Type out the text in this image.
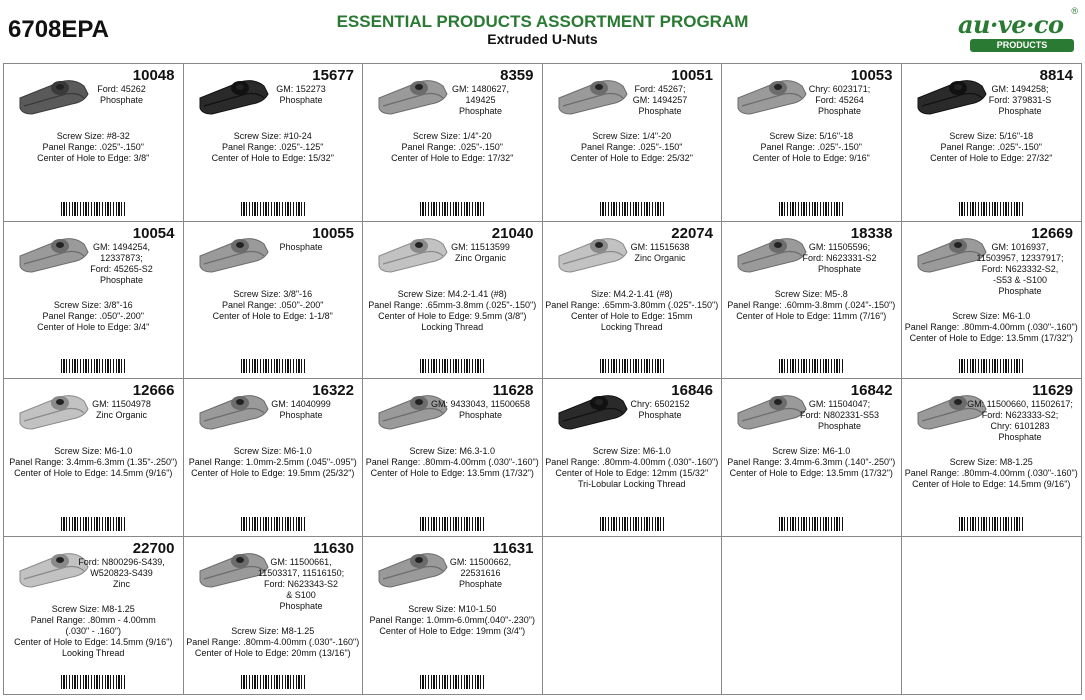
6708EPA	ESSENTIAL PRODUCTS ASSORTMENT PROGRAM
Extruded U-Nuts	au·ve·co
PRODUCTS
®
10048
Ford: 45262
Phosphate
Screw Size: #8-32
Panel Range: .025"-.150"
Center of Hole to Edge: 3/8"
15677
GM: 152273
Phosphate
Screw Size: #10-24
Panel Range: .025"-.125"
Center of Hole to Edge: 15/32"
8359
GM: 1480627,
149425
Phosphate
Screw Size: 1/4"-20
Panel Range: .025"-.150"
Center of Hole to Edge: 17/32"
10051
Ford: 45267;
GM: 1494257
Phosphate
Screw Size: 1/4"-20
Panel Range: .025"-.150"
Center of Hole to Edge: 25/32"
10053
Chry: 6023171;
Ford: 45264
Phosphate
Screw Size: 5/16"-18
Panel Range: .025"-.150"
Center of Hole to Edge: 9/16"
8814
GM: 1494258;
Ford: 379831-S
Phosphate
Screw Size: 5/16"-18
Panel Range: .025"-.150"
Center of Hole to Edge: 27/32"
10054
GM: 1494254,
12337873;
Ford: 45265-S2
Phosphate
Screw Size: 3/8"-16
Panel Range: .050"-.200"
Center of Hole to Edge: 3/4"
10055
Phosphate
Screw Size: 3/8"-16
Panel Range: .050"-.200"
Center of Hole to Edge: 1-1/8"
21040
GM: 11513599
Zinc Organic
Screw Size: M4.2-1.41 (#8)
Panel Range: .65mm-3.8mm (.025"-.150")
Center of Hole to Edge: 9.5mm (3/8")
Locking Thread
22074
GM: 11515638
Zinc Organic
Size: M4.2-1.41 (#8)
Panel Range: .65mm-3.80mm (.025"-.150")
Center of Hole to Edge: 15mm
Locking Thread
18338
GM: 11505596;
Ford: N623331-S2
Phosphate
Screw Size: M5-.8
Panel Range: .60mm-3.8mm (.024"-.150")
Center of Hole to Edge: 11mm (7/16")
12669
GM: 1016937,
11503957, 12337917;
Ford: N623332-S2,
-S53 & -S100
Phosphate
Screw Size: M6-1.0
Panel Range: .80mm-4.00mm (.030"-.160")
Center of Hole to Edge: 13.5mm (17/32")
12666
GM: 11504978
Zinc Organic
Screw Size: M6-1.0
Panel Range: 3.4mm-6.3mm (1.35"-.250")
Center of Hole to Edge: 14.5mm (9/16")
16322
GM: 14040999
Phosphate
Screw Size: M6-1.0
Panel Range: 1.0mm-2.5mm (.045"-.095")
Center of Hole to Edge: 19.5mm (25/32")
11628
GM: 9433043, 11500658
Phosphate
Screw Size: M6.3-1.0
Panel Range: .80mm-4.00mm (.030"-.160")
Center of Hole to Edge: 13.5mm (17/32")
16846
Chry: 6502152
Phosphate
Screw Size: M6-1.0
Panel Range: .80mm-4.00mm (.030"-.160")
Center of Hole to Edge: 12mm (15/32"
Tri-Lobular Locking Thread
16842
GM: 11504047;
Ford: N802331-S53
Phosphate
Screw Size: M6-1.0
Panel Range: 3.4mm-6.3mm (.140"-.250")
Center of Hole to Edge: 13.5mm (17/32")
11629
GM: 11500660, 11502617;
Ford: N623333-S2;
Chry: 6101283
Phosphate
Screw Size: M8-1.25
Panel Range: .80mm-4.00mm (.030"-.160")
Center of Hole to Edge: 14.5mm (9/16")
22700
Ford: N800296-S439,
W520823-S439
Zinc
Screw Size: M8-1.25
Panel Range: .80mm - 4.00mm
(.030" - .160")
Center of Hole to Edge: 14.5mm (9/16")
Looking Thread
11630
GM: 11500661,
11503317, 11516150;
Ford: N623343-S2
& S100
Phosphate
Screw Size: M8-1.25
Panel Range: .80mm-4.00mm (.030"-.160")
Center of Hole to Edge: 20mm (13/16")
11631
GM: 11500662,
22531616
Phosphate
Screw Size: M10-1.50
Panel Range: 1.0mm-6.0mm(.040"-.230")
Center of Hole to Edge: 19mm (3/4")
